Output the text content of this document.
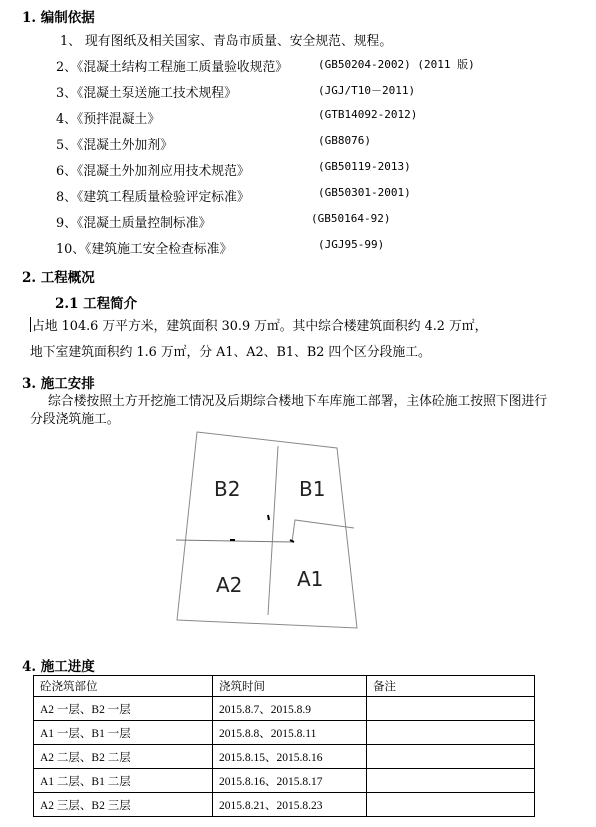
1. 编制依据
1、 现有图纸及相关国家、青岛市质量、安全规范、规程。
2、《混凝土结构工程施工质量验收规范》	(GB50204-2002) (2011 版)
3、《混凝土泵送施工技术规程》	(JGJ/T10－2011)
4、《预拌混凝土》	(GTB14092-2012)
5、《混凝土外加剂》	(GB8076)
6、《混凝土外加剂应用技术规范》	(GB50119-2013)
8、《建筑工程质量检验评定标准》	(GB50301-2001)
9、《混凝土质量控制标准》	(GB50164-92)
10、《建筑施工安全检查标准》	(JGJ95-99)
2. 工程概况
2.1 工程简介
占地 104.6 万平方米，建筑面积 30.9 万㎡。其中综合楼建筑面积约 4.2 万㎡，
地下室建筑面积约 1.6 万㎡，分 A1、A2、B1、B2 四个区分段施工。
3. 施工安排
综合楼按照土方开挖施工情况及后期综合楼地下车库施工部署，主体砼施工按照下图进行分段浇筑施工。
B2	B1
A2	A1
4. 施工进度
砼浇筑部位	浇筑时间	备注
A2 一层、B2 一层	2015.8.7、2015.8.9	
A1 一层、B1 一层	2015.8.8、2015.8.11	
A2 二层、B2 二层	2015.8.15、2015.8.16	
A1 二层、B1 二层	2015.8.16、2015.8.17	
A2 三层、B2 三层	2015.8.21、2015.8.23	
